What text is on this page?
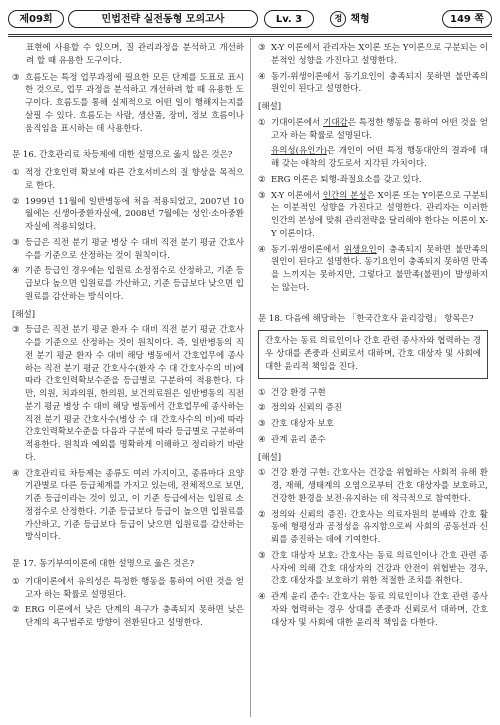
제09회	민법전략 실전동형 모의고사	Lv. 3	정 책형	149 쪽

표현에 사용할 수 있으며, 질 관리과정을 분석하고 개선하려 할 때 유용한 도구이다.

③ 흐름도는 특정 업무과정에 필요한 모든 단계를 도표로 표시한 것으로, 업무 과정을 분석하고 개선하려 할 때 유용한 도구이다. 흐름도를 통해 실제적으로 어떤 일이 행해지는지를 살필 수 있다. 흐름도는 사람, 생산품, 장비, 정보 흐름이나 움직임을 표시하는 데 사용한다.
문 16. 간호관리료 차등제에 대한 설명으로 옳지 않은 것은?
① 적정 간호인력 확보에 따른 간호서비스의 질 향상을 목적으로 한다.
② 1999년 11월에 일반병동에 처음 적용되었고, 2007년 10월에는 신생아중환자실에, 2008년 7월에는 성인·소아중환자실에 적용되었다.
③ 등급은 직전 분기 평균 병상 수 대비 직전 분기 평균 간호사수를 기준으로 산정하는 것이 원칙이다.
④ 기준 등급인 경우에는 입원료 소정점수로 산정하고, 기준 등급보다 높으면 입원료를 가산하고, 기준 등급보다 낮으면 입원료를 감산하는 방식이다.
[해설]
③ 등급은 직전 분기 평균 환자 수 대비 직전 분기 평균 간호사수를 기준으로 산정하는 것이 원칙이다. 즉, 일반병동의 직전 분기 평균 환자 수 대비 해당 병동에서 간호업무에 종사하는 직전 분기 평균 간호사수(환자 수 대 간호사수의 비)에 따라 간호인력확보수준을 등급별로 구분하여 적용한다. 다만, 의원, 치과의원, 한의원, 보건의료원은 일반병동의 직전 분기 평균 병상 수 대비 해당 병동에서 간호업무에 종사하는 직전 분기 평균 간호사수(병상 수 대 간호사수의 비)에 따라 간호인력확보수준을 다음과 구분에 따라 등급별로 구분하여 적용한다. 원칙과 예외를 명확하게 이해하고 정리하기 바란다.
④ 간호관리료 차등제는 종류도 여러 가지이고, 종류마다 요양기관별로 다른 등급체계를 가지고 있는데, 전체적으로 보면, 기준 등급이라는 것이 있고, 이 기준 등급에서는 입원료 소정점수로 산정한다. 기준 등급보다 등급이 높으면 입원료를 가산하고, 기준 등급보다 등급이 낮으면 입원료를 감산하는 방식이다.
문 17. 동기부여이론에 대한 설명으로 옳은 것은?
① 기대이론에서 유의성은 특정한 행동을 통하여 어떤 것을 얻고자 하는 확률로 설명된다.
② ERG 이론에서 낮은 단계의 욕구가 충족되지 못하면 낮은 단계의 욕구범주로 방향이 전환된다고 설명한다.
③ X-Y 이론에서 관리자는 X이론 또는 Y이론으로 구분되는 이분적인 성향을 가진다고 설명한다.
④ 동기-위생이론에서 동기요인이 충족되지 못하면 불만족의 원인이 된다고 설명한다.
[해설]
① 기대이론에서 기대감은 특정한 행동을 통하여 어떤 것을 얻고자 하는 확률로 설명된다.
유의성(유인가)은 개인이 어떤 특정 행동대안의 결과에 대해 갖는 애착의 강도로서 지각된 가치이다.
② ERG 이론은 퇴행-좌절요소를 갖고 있다.
③ X-Y 이론에서 인간의 본성은 X이론 또는 Y이론으로 구분되는 이분적인 성향을 가진다고 설명한다. 관리자는 이러한 인간의 본성에 맞춰 관리전략을 달리해야 한다는 이론이 X-Y 이론이다.
④ 동기-위생이론에서 위생요인이 충족되지 못하면 불만족의 원인이 된다고 설명한다. 동기요인이 충족되지 못하면 만족을 느끼지는 못하지만, 그렇다고 불만족(불편)이 발생하지는 않는다.
문 18. 다음에 해당하는 「한국간호사 윤리강령」 항목은?
간호사는 동료 의료인이나 간호 관련 종사자와 협력하는 경우 상대를 존중과 신뢰로서 대하며, 간호 대상자 및 사회에 대한 윤리적 책임을 진다.
① 건강 환경 구현
② 정의와 신뢰의 증진
③ 간호 대상자 보호
④ 관계 윤리 준수
[해설]
① 건강 환경 구현: 간호사는 건강을 위협하는 사회적 유해 환경, 재해, 생태계의 오염으로부터 간호 대상자를 보호하고, 건강한 환경을 보전·유지하는 데 적극적으로 참여한다.
② 정의와 신뢰의 증진: 간호사는 의료자원의 분배와 간호 활동에 형평성과 공정성을 유지함으로써 사회의 공동선과 신뢰를 증진하는 데에 기여한다.
③ 간호 대상자 보호: 간호사는 동료 의료인이나 간호 관련 종사자에 의해 간호 대상자의 건강과 안전이 위협받는 경우, 간호 대상자를 보호하기 위한 적절한 조치를 취한다.
④ 관계 윤리 준수: 간호사는 동료 의료인이나 간호 관련 종사자와 협력하는 경우 상대를 존중과 신뢰로서 대하며, 간호 대상자 및 사회에 대한 윤리적 책임을 다한다.
